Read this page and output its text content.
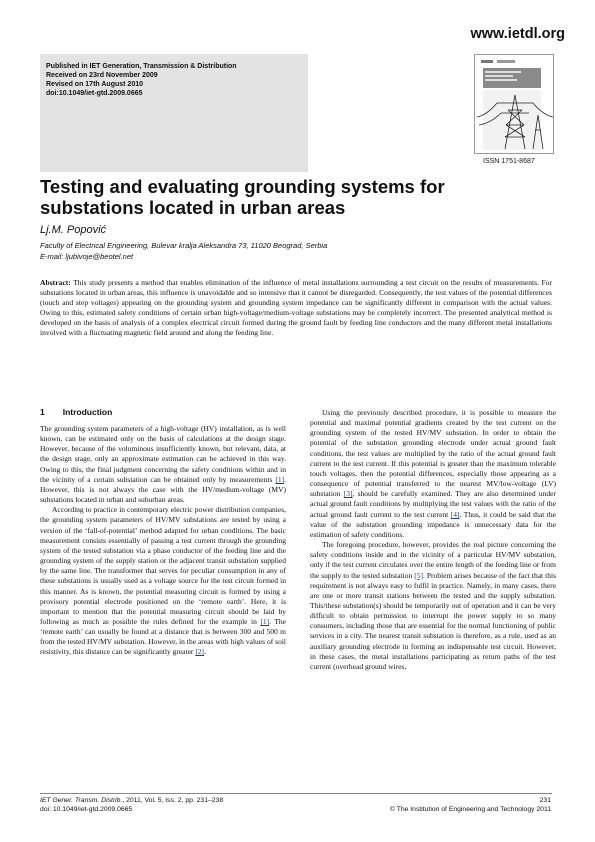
www.ietdl.org
Published in IET Generation, Transmission & Distribution
Received on 23rd November 2009
Revised on 17th August 2010
doi:10.1049/iet-gtd.2009.0665
ISSN 1751-8687
Testing and evaluating grounding systems for substations located in urban areas
Lj.M. Popović
Faculty of Electrical Engineering, Bulevar kralja Aleksandra 73, 11020 Beograd, Serbia
E-mail: ljubivoje@beotel.net
Abstract: This study presents a method that enables elimination of the influence of metal installations surrounding a test circuit on the results of measurements. For substations located in urban areas, this influence is unavoidable and so intensive that it cannot be disregarded. Consequently, the test values of the potential differences (touch and step voltages) appearing on the grounding system and grounding system impedance can be significantly different in comparison with the actual values. Owing to this, estimated safety conditions of certain urban high-voltage/medium-voltage substations may be completely incorrect. The presented analytical method is developed on the basis of analysis of a complex electrical circuit formed during the ground fault by feeding line conductors and the many different metal installations involved with a fluctuating magnetic field around and along the feeding line.
1 Introduction

The grounding system parameters of a high-voltage (HV) installation, as is well known, can be estimated only on the basis of calculations at the design stage. However, because of the voluminous insufficiently known, but relevant, data, at the design stage, only an approximate estimation can be achieved in this way. Owing to this, the final judgment concerning the safety conditions within and in the vicinity of a certain substation can be obtained only by measurements [1]. However, this is not always the case with the HV/medium-voltage (MV) substations located in urban and suburban areas.

According to practice in contemporary electric power distribution companies, the grounding system parameters of HV/MV substations are tested by using a version of the ‘fall-of-potential’ method adapted for urban conditions. The basic measurement consists essentially of passing a test current through the grounding system of the tested substation via a phase conductor of the feeding line and the grounding system of the supply station or the adjacent transit substation supplied by the same line. The transformer that serves for peculiar consumption in any of these substations is usually used as a voltage source for the test circuit formed in this manner. As is known, the potential measuring circuit is formed by using a provisory potential electrode positioned on the ‘remote earth’. Here, it is important to mention that the potential measuring circuit should be laid by following as much as possible the rules defined for the example in [1]. The ‘remote earth’ can usually be found at a distance that is between 300 and 500 m from the tested HV/MV substation. However, in the areas with high values of soil resistivity, this distance can be significantly greater [2].

Using the previously described procedure, it is possible to measure the potential and maximal potential gradients created by the test current on the grounding system of the tested HV/MV substation. In order to obtain the potential of the substation grounding electrode under actual ground fault conditions, the test values are multiplied by the ratio of the actual ground fault current to the test current. If this potential is greater than the maximum tolerable touch voltages, then the potential differences, especially those appearing as a consequence of potential transferred to the nearest MV/low-voltage (LV) substation [3], should be carefully examined. They are also determined under actual ground fault conditions by multiplying the test values with the ratio of the actual ground fault current to the test current [4]. Thus, it could be said that the value of the substation grounding impedance is unnecessary data for the estimation of safety conditions.

The foregoing procedure, however, provides the real picture concerning the safety conditions inside and in the vicinity of a particular HV/MV substation, only if the test current circulates over the entire length of the feeding line or from the supply to the tested substation [5]. Problem arises because of the fact that this requirement is not always easy to fulfil in practice. Namely, in many cases, there are one or more transit stations between the tested and the supply substation. This/these substation(s) should be temporarily out of operation and it can be very difficult to obtain permission to interrupt the power supply to so many consumers, including those that are essential for the normal functioning of public services in a city. The nearest transit substation is therefore, as a rule, used as an auxiliary grounding electrode in forming an indispensable test circuit. However, in these cases, the metal installations participating as return paths of the test current (overhead ground wires,

IET Gener. Transm. Distrib., 2011, Vol. 5, Iss. 2, pp. 231–238
doi: 10.1049/iet-gtd.2009.0665
231
© The Institution of Engineering and Technology 2011
